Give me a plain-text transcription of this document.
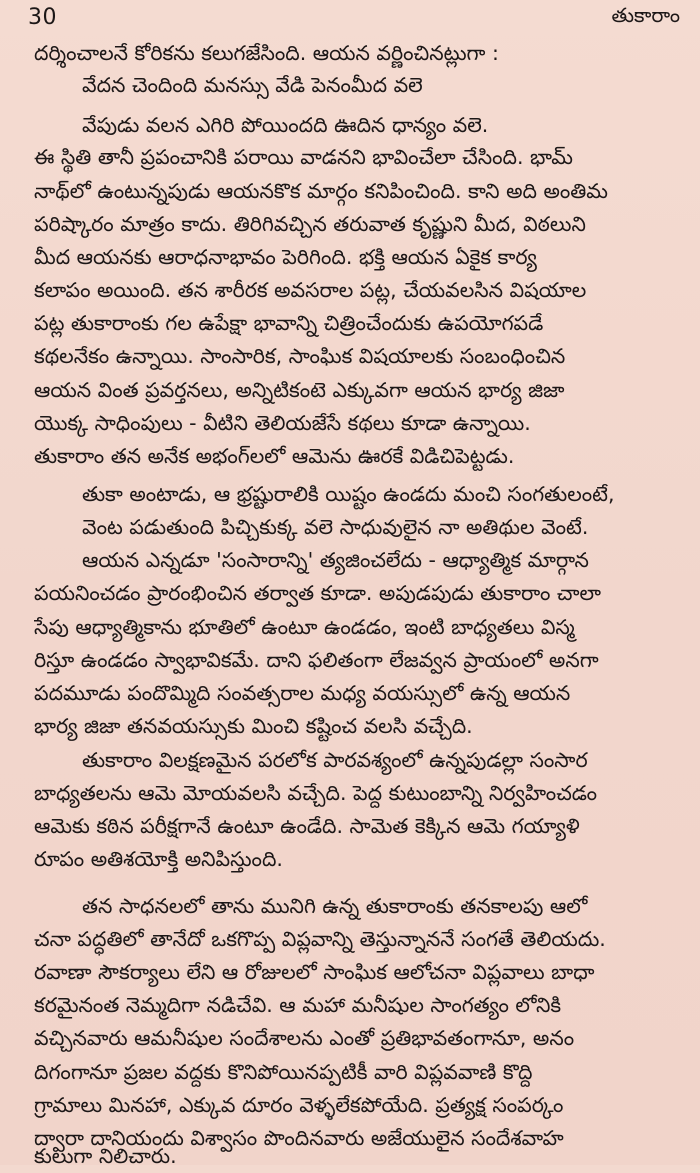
30	తుకారాం
దర్శించాలనే కోరికను కలుగజేసింది. ఆయన వర్ణించినట్లుగా :
వేదన చెందింది మనస్సు వేడి పెనంమీద వలె
వేపుడు వలన ఎగిరి పోయిందది ఊదిన ధాన్యం వలె.
ఈ స్థితి తానీ ప్రపంచానికి పరాయి వాడనని భావించేలా చేసింది. భామ్
నాథ్‌లో ఉంటున్నపుడు ఆయనకొక మార్గం కనిపించింది. కాని అది అంతిమ
పరిష్కారం మాత్రం కాదు. తిరిగివచ్చిన తరువాత కృష్ణుని మీద, విఠలుని
మీద ఆయనకు ఆరాధనాభావం పెరిగింది. భక్తి ఆయన ఏకైక కార్య
కలాపం అయింది. తన శారీరక అవసరాల పట్ల, చేయవలసిన విషయాల
పట్ల తుకారాంకు గల ఉపేక్షా భావాన్ని చిత్రించేందుకు ఉపయోగపడే
కథలనేకం ఉన్నాయి. సాంసారిక, సాంఘిక విషయాలకు సంబంధించిన
ఆయన వింత ప్రవర్తనలు, అన్నిటికంటె ఎక్కువగా ఆయన భార్య జిజా
యొక్క సాధింపులు - వీటిని తెలియజేసే కథలు కూడా ఉన్నాయి.
తుకారాం తన అనేక అభంగ్‌లలో ఆమెను ఊరకే విడిచిపెట్టడు.
తుకా అంటాడు, ఆ భ్రష్టురాలికి యిష్టం ఉండదు మంచి సంగతులంటే,
వెంట పడుతుంది పిచ్చికుక్క వలె సాధువులైన నా అతిథుల వెంటే.
ఆయన ఎన్నడూ 'సంసారాన్ని' త్యజించలేదు - ఆధ్యాత్మిక మార్గాన
పయనించడం ప్రారంభించిన తర్వాత కూడా. అపుడపుడు తుకారాం చాలా
సేపు ఆధ్యాత్మికాను భూతిలో ఉంటూ ఉండడం, ఇంటి బాధ్యతలు విస్మ
రిస్తూ ఉండడం స్వాభావికమే. దాని ఫలితంగా లేజవ్వన ప్రాయంలో అనగా
పదమూడు పందొమ్మిది సంవత్సరాల మధ్య వయస్సులో ఉన్న ఆయన
భార్య జిజా తనవయస్సుకు మించి కష్టించ వలసి వచ్చేది.
తుకారాం విలక్షణమైన పరలోక పారవశ్యంలో ఉన్నపుడల్లా సంసార
బాధ్యతలను ఆమె మోయవలసి వచ్చేది. పెద్ద కుటుంబాన్ని నిర్వహించడం
ఆమెకు కఠిన పరీక్షగానే ఉంటూ ఉండేది. సామెత కెక్కిన ఆమె గయ్యాళి
రూపం అతిశయోక్తి అనిపిస్తుంది.
తన సాధనలలో తాను మునిగి ఉన్న తుకారాంకు తనకాలపు ఆలో
చనా పద్ధతిలో తానేదో ఒకగొప్ప విప్లవాన్ని తెస్తున్నాననే సంగతే తెలియదు.
రవాణా సౌకర్యాలు లేని ఆ రోజులలో సాంఘిక ఆలోచనా విప్లవాలు బాధా
కరమైనంత నెమ్మదిగా నడిచేవి. ఆ మహా మనీషుల సాంగత్యం లోనికి
వచ్చినవారు ఆమనీషుల సందేశాలను ఎంతో ప్రతిభావతంగానూ, అనం
దిగంగానూ ప్రజల వద్దకు కొనిపోయినప్పటికీ వారి విప్లవవాణి కొద్ది
గ్రామాలు మినహా, ఎక్కువ దూరం వెళ్ళలేకపోయేది. ప్రత్యక్ష సంపర్కం
ద్వారా దానియందు విశ్వాసం పొందినవారు అజేయులైన సందేశవాహ
కులుగా నిలిచారు.
